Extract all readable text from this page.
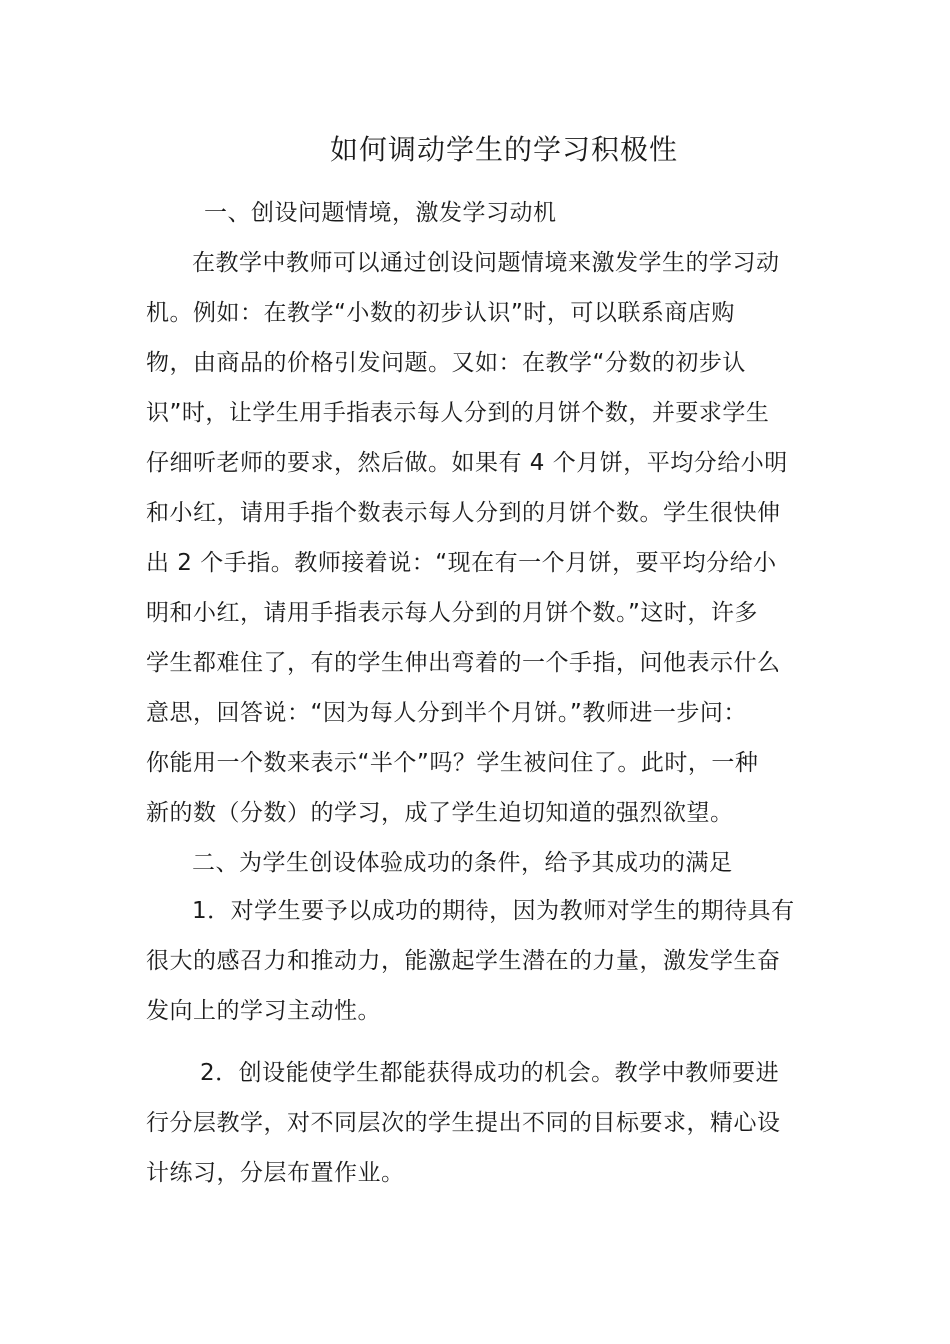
如何调动学生的学习积极性
一、创设问题情境，激发学习动机
在教学中教师可以通过创设问题情境来激发学生的学习动
机。例如：在教学“小数的初步认识”时，可以联系商店购
物，由商品的价格引发问题。又如：在教学“分数的初步认
识”时，让学生用手指表示每人分到的月饼个数，并要求学生
仔细听老师的要求，然后做。如果有 4 个月饼，平均分给小明
和小红，请用手指个数表示每人分到的月饼个数。学生很快伸
出 2 个手指。教师接着说：“现在有一个月饼，要平均分给小
明和小红，请用手指表示每人分到的月饼个数。”这时，许多
学生都难住了，有的学生伸出弯着的一个手指，问他表示什么
意思，回答说：“因为每人分到半个月饼。”教师进一步问：
你能用一个数来表示“半个”吗？学生被问住了。此时，一种
新的数（分数）的学习，成了学生迫切知道的强烈欲望。
二、为学生创设体验成功的条件，给予其成功的满足
1．对学生要予以成功的期待，因为教师对学生的期待具有
很大的感召力和推动力，能激起学生潜在的力量，激发学生奋
发向上的学习主动性。
2．创设能使学生都能获得成功的机会。教学中教师要进
行分层教学，对不同层次的学生提出不同的目标要求，精心设
计练习，分层布置作业。
